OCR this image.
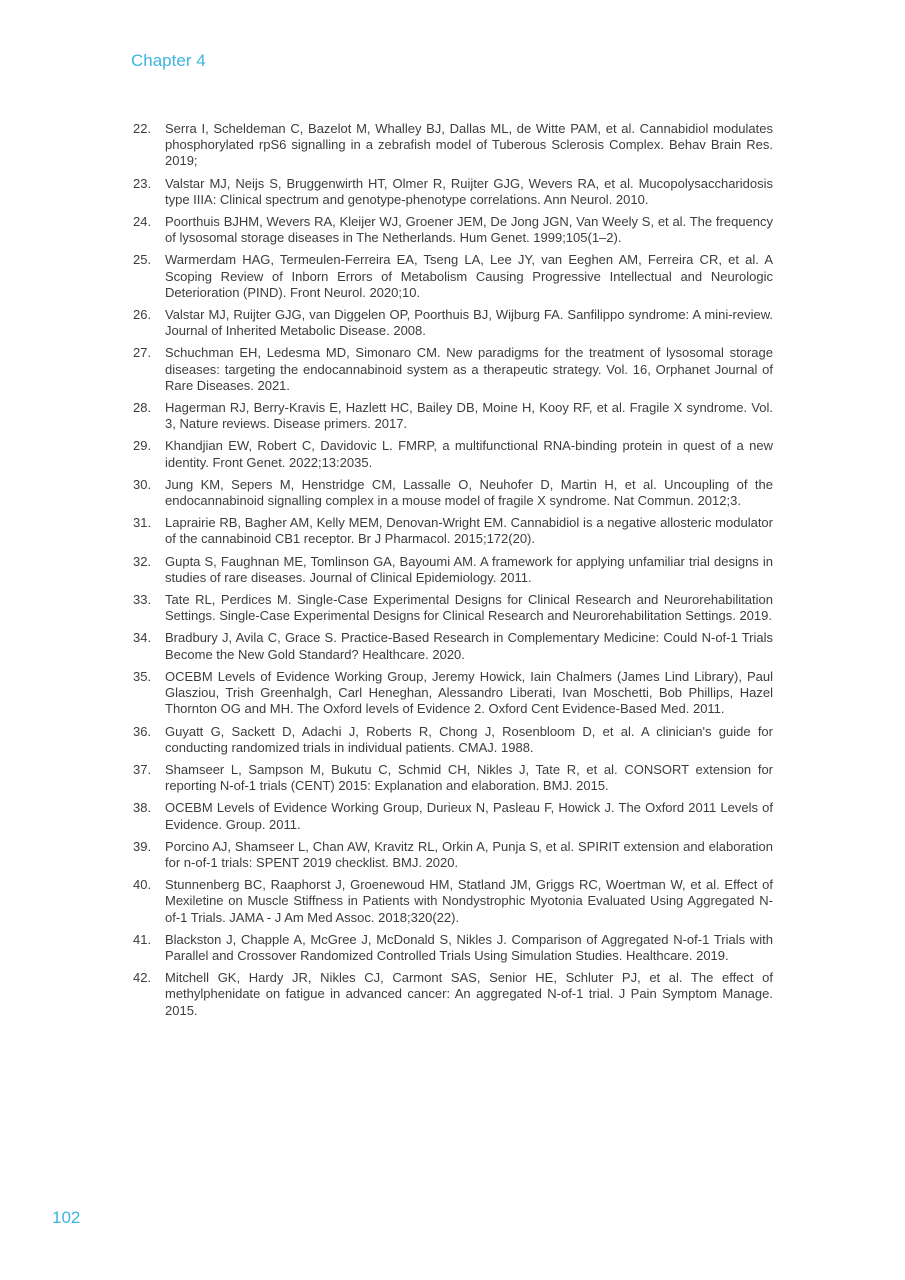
Chapter 4
22.	Serra I, Scheldeman C, Bazelot M, Whalley BJ, Dallas ML, de Witte PAM, et al. Cannabidiol modulates phosphorylated rpS6 signalling in a zebrafish model of Tuberous Sclerosis Complex. Behav Brain Res. 2019;
23.	Valstar MJ, Neijs S, Bruggenwirth HT, Olmer R, Ruijter GJG, Wevers RA, et al. Mucopolysaccharidosis type IIIA: Clinical spectrum and genotype-phenotype correlations. Ann Neurol. 2010.
24.	Poorthuis BJHM, Wevers RA, Kleijer WJ, Groener JEM, De Jong JGN, Van Weely S, et al. The frequency of lysosomal storage diseases in The Netherlands. Hum Genet. 1999;105(1–2).
25.	Warmerdam HAG, Termeulen-Ferreira EA, Tseng LA, Lee JY, van Eeghen AM, Ferreira CR, et al. A Scoping Review of Inborn Errors of Metabolism Causing Progressive Intellectual and Neurologic Deterioration (PIND). Front Neurol. 2020;10.
26.	Valstar MJ, Ruijter GJG, van Diggelen OP, Poorthuis BJ, Wijburg FA. Sanfilippo syndrome: A mini-review. Journal of Inherited Metabolic Disease. 2008.
27.	Schuchman EH, Ledesma MD, Simonaro CM. New paradigms for the treatment of lysosomal storage diseases: targeting the endocannabinoid system as a therapeutic strategy. Vol. 16, Orphanet Journal of Rare Diseases. 2021.
28.	Hagerman RJ, Berry-Kravis E, Hazlett HC, Bailey DB, Moine H, Kooy RF, et al. Fragile X syndrome. Vol. 3, Nature reviews. Disease primers. 2017.
29.	Khandjian EW, Robert C, Davidovic L. FMRP, a multifunctional RNA-binding protein in quest of a new identity. Front Genet. 2022;13:2035.
30.	Jung KM, Sepers M, Henstridge CM, Lassalle O, Neuhofer D, Martin H, et al. Uncoupling of the endocannabinoid signalling complex in a mouse model of fragile X syndrome. Nat Commun. 2012;3.
31.	Laprairie RB, Bagher AM, Kelly MEM, Denovan-Wright EM. Cannabidiol is a negative allosteric modulator of the cannabinoid CB1 receptor. Br J Pharmacol. 2015;172(20).
32.	Gupta S, Faughnan ME, Tomlinson GA, Bayoumi AM. A framework for applying unfamiliar trial designs in studies of rare diseases. Journal of Clinical Epidemiology. 2011.
33.	Tate RL, Perdices M. Single-Case Experimental Designs for Clinical Research and Neurorehabilitation Settings. Single-Case Experimental Designs for Clinical Research and Neurorehabilitation Settings. 2019.
34.	Bradbury J, Avila C, Grace S. Practice-Based Research in Complementary Medicine: Could N-of-1 Trials Become the New Gold Standard? Healthcare. 2020.
35.	OCEBM Levels of Evidence Working Group, Jeremy Howick, Iain Chalmers (James Lind Library), Paul Glasziou, Trish Greenhalgh, Carl Heneghan, Alessandro Liberati, Ivan Moschetti, Bob Phillips, Hazel Thornton OG and MH. The Oxford levels of Evidence 2. Oxford Cent Evidence-Based Med. 2011.
36.	Guyatt G, Sackett D, Adachi J, Roberts R, Chong J, Rosenbloom D, et al. A clinician's guide for conducting randomized trials in individual patients. CMAJ. 1988.
37.	Shamseer L, Sampson M, Bukutu C, Schmid CH, Nikles J, Tate R, et al. CONSORT extension for reporting N-of-1 trials (CENT) 2015: Explanation and elaboration. BMJ. 2015.
38.	OCEBM Levels of Evidence Working Group, Durieux N, Pasleau F, Howick J. The Oxford 2011 Levels of Evidence. Group. 2011.
39.	Porcino AJ, Shamseer L, Chan AW, Kravitz RL, Orkin A, Punja S, et al. SPIRIT extension and elaboration for n-of-1 trials: SPENT 2019 checklist. BMJ. 2020.
40.	Stunnenberg BC, Raaphorst J, Groenewoud HM, Statland JM, Griggs RC, Woertman W, et al. Effect of Mexiletine on Muscle Stiffness in Patients with Nondystrophic Myotonia Evaluated Using Aggregated N-of-1 Trials. JAMA - J Am Med Assoc. 2018;320(22).
41.	Blackston J, Chapple A, McGree J, McDonald S, Nikles J. Comparison of Aggregated N-of-1 Trials with Parallel and Crossover Randomized Controlled Trials Using Simulation Studies. Healthcare. 2019.
42.	Mitchell GK, Hardy JR, Nikles CJ, Carmont SAS, Senior HE, Schluter PJ, et al. The effect of methylphenidate on fatigue in advanced cancer: An aggregated N-of-1 trial. J Pain Symptom Manage. 2015.
102
